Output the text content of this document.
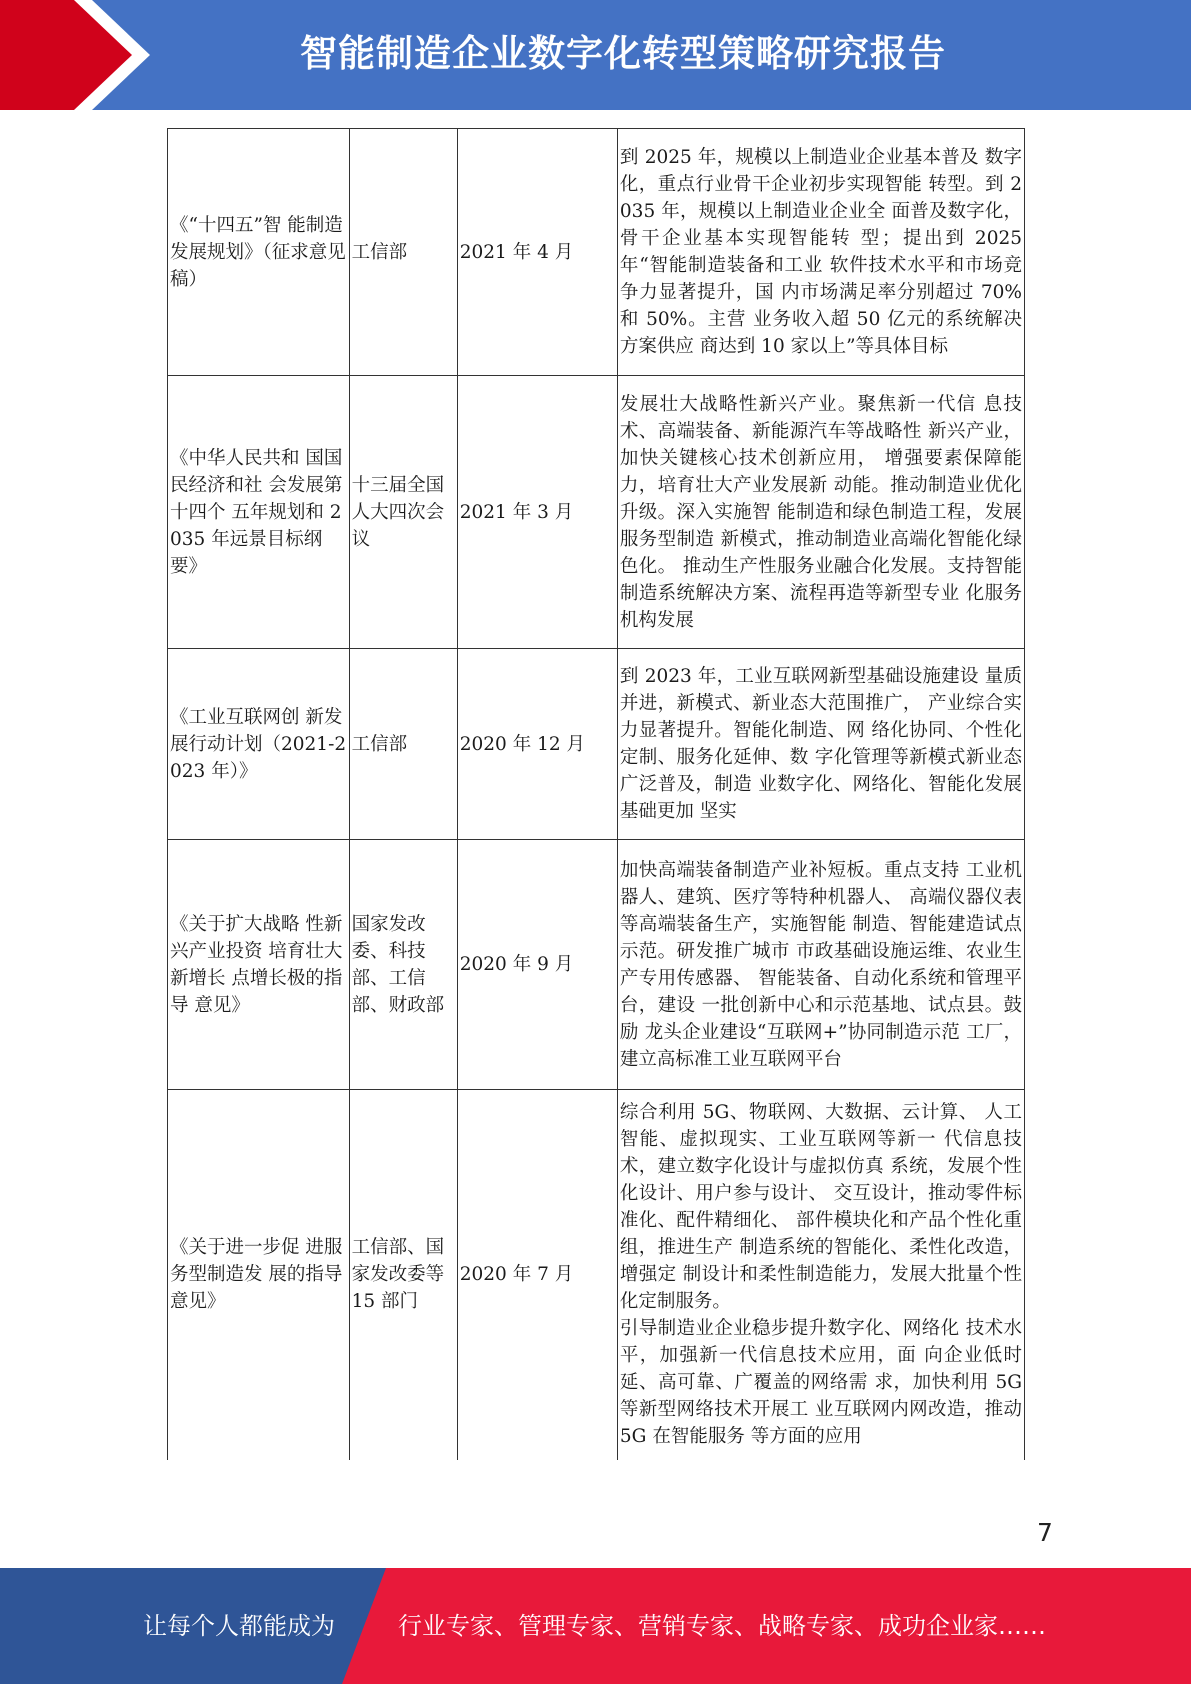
智能制造企业数字化转型策略研究报告
《“十四五”智 能制造发展规划》（征求意见稿）	工信部	2021 年 4 月	到 2025 年，规模以上制造业企业基本普及 数字化，重点行业骨干企业初步实现智能 转型。到 2035 年，规模以上制造业企业全 面普及数字化，骨干企业基本实现智能转 型；提出到 2025 年“智能制造装备和工业 软件技术水平和市场竞争力显著提升，国 内市场满足率分别超过 70%和 50%。主营 业务收入超 50 亿元的系统解决方案供应 商达到 10 家以上”等具体目标

《中华人民共和 国国民经济和社 会发展第十四个 五年规划和 2035 年远景目标纲要》	十三届全国人大四次会议	2021 年 3 月	发展壮大战略性新兴产业。聚焦新一代信 息技术、高端装备、新能源汽车等战略性 新兴产业，加快关键核心技术创新应用， 增强要素保障能力，培育壮大产业发展新 动能。推动制造业优化升级。深入实施智 能制造和绿色制造工程，发展服务型制造 新模式，推动制造业高端化智能化绿色化。 推动生产性服务业融合化发展。支持智能 制造系统解决方案、流程再造等新型专业 化服务机构发展

《工业互联网创 新发展行动计划（2021-2023 年）》	工信部	2020 年 12 月	到 2023 年，工业互联网新型基础设施建设 量质并进，新模式、新业态大范围推广， 产业综合实力显著提升。智能化制造、网 络化协同、个性化定制、服务化延伸、数 字化管理等新模式新业态广泛普及，制造 业数字化、网络化、智能化发展基础更加 坚实

《关于扩大战略 性新兴产业投资 培育壮大新增长 点增长极的指导 意见》	国家发改委、科技部、工信部、财政部	2020 年 9 月	加快高端装备制造产业补短板。重点支持 工业机器人、建筑、医疗等特种机器人、 高端仪器仪表等高端装备生产，实施智能 制造、智能建造试点示范。研发推广城市 市政基础设施运维、农业生产专用传感器、 智能装备、自动化系统和管理平台，建设 一批创新中心和示范基地、试点县。鼓励 龙头企业建设“互联网+”协同制造示范 工厂，建立高标准工业互联网平台

《关于进一步促 进服务型制造发 展的指导意见》	工信部、国家发改委等 15 部门	2020 年 7 月	综合利用 5G、物联网、大数据、云计算、 人工智能、虚拟现实、工业互联网等新一 代信息技术，建立数字化设计与虚拟仿真 系统，发展个性化设计、用户参与设计、 交互设计，推动零件标准化、配件精细化、 部件模块化和产品个性化重组，推进生产 制造系统的智能化、柔性化改造，增强定 制设计和柔性制造能力，发展大批量个性 化定制服务。

引导制造业企业稳步提升数字化、网络化 技术水平，加强新一代信息技术应用，面 向企业低时延、高可靠、广覆盖的网络需 求，加快利用 5G 等新型网络技术开展工 业互联网内网改造，推动 5G 在智能服务 等方面的应用

7
让每个人都能成为	行业专家、管理专家、营销专家、战略专家、成功企业家……
